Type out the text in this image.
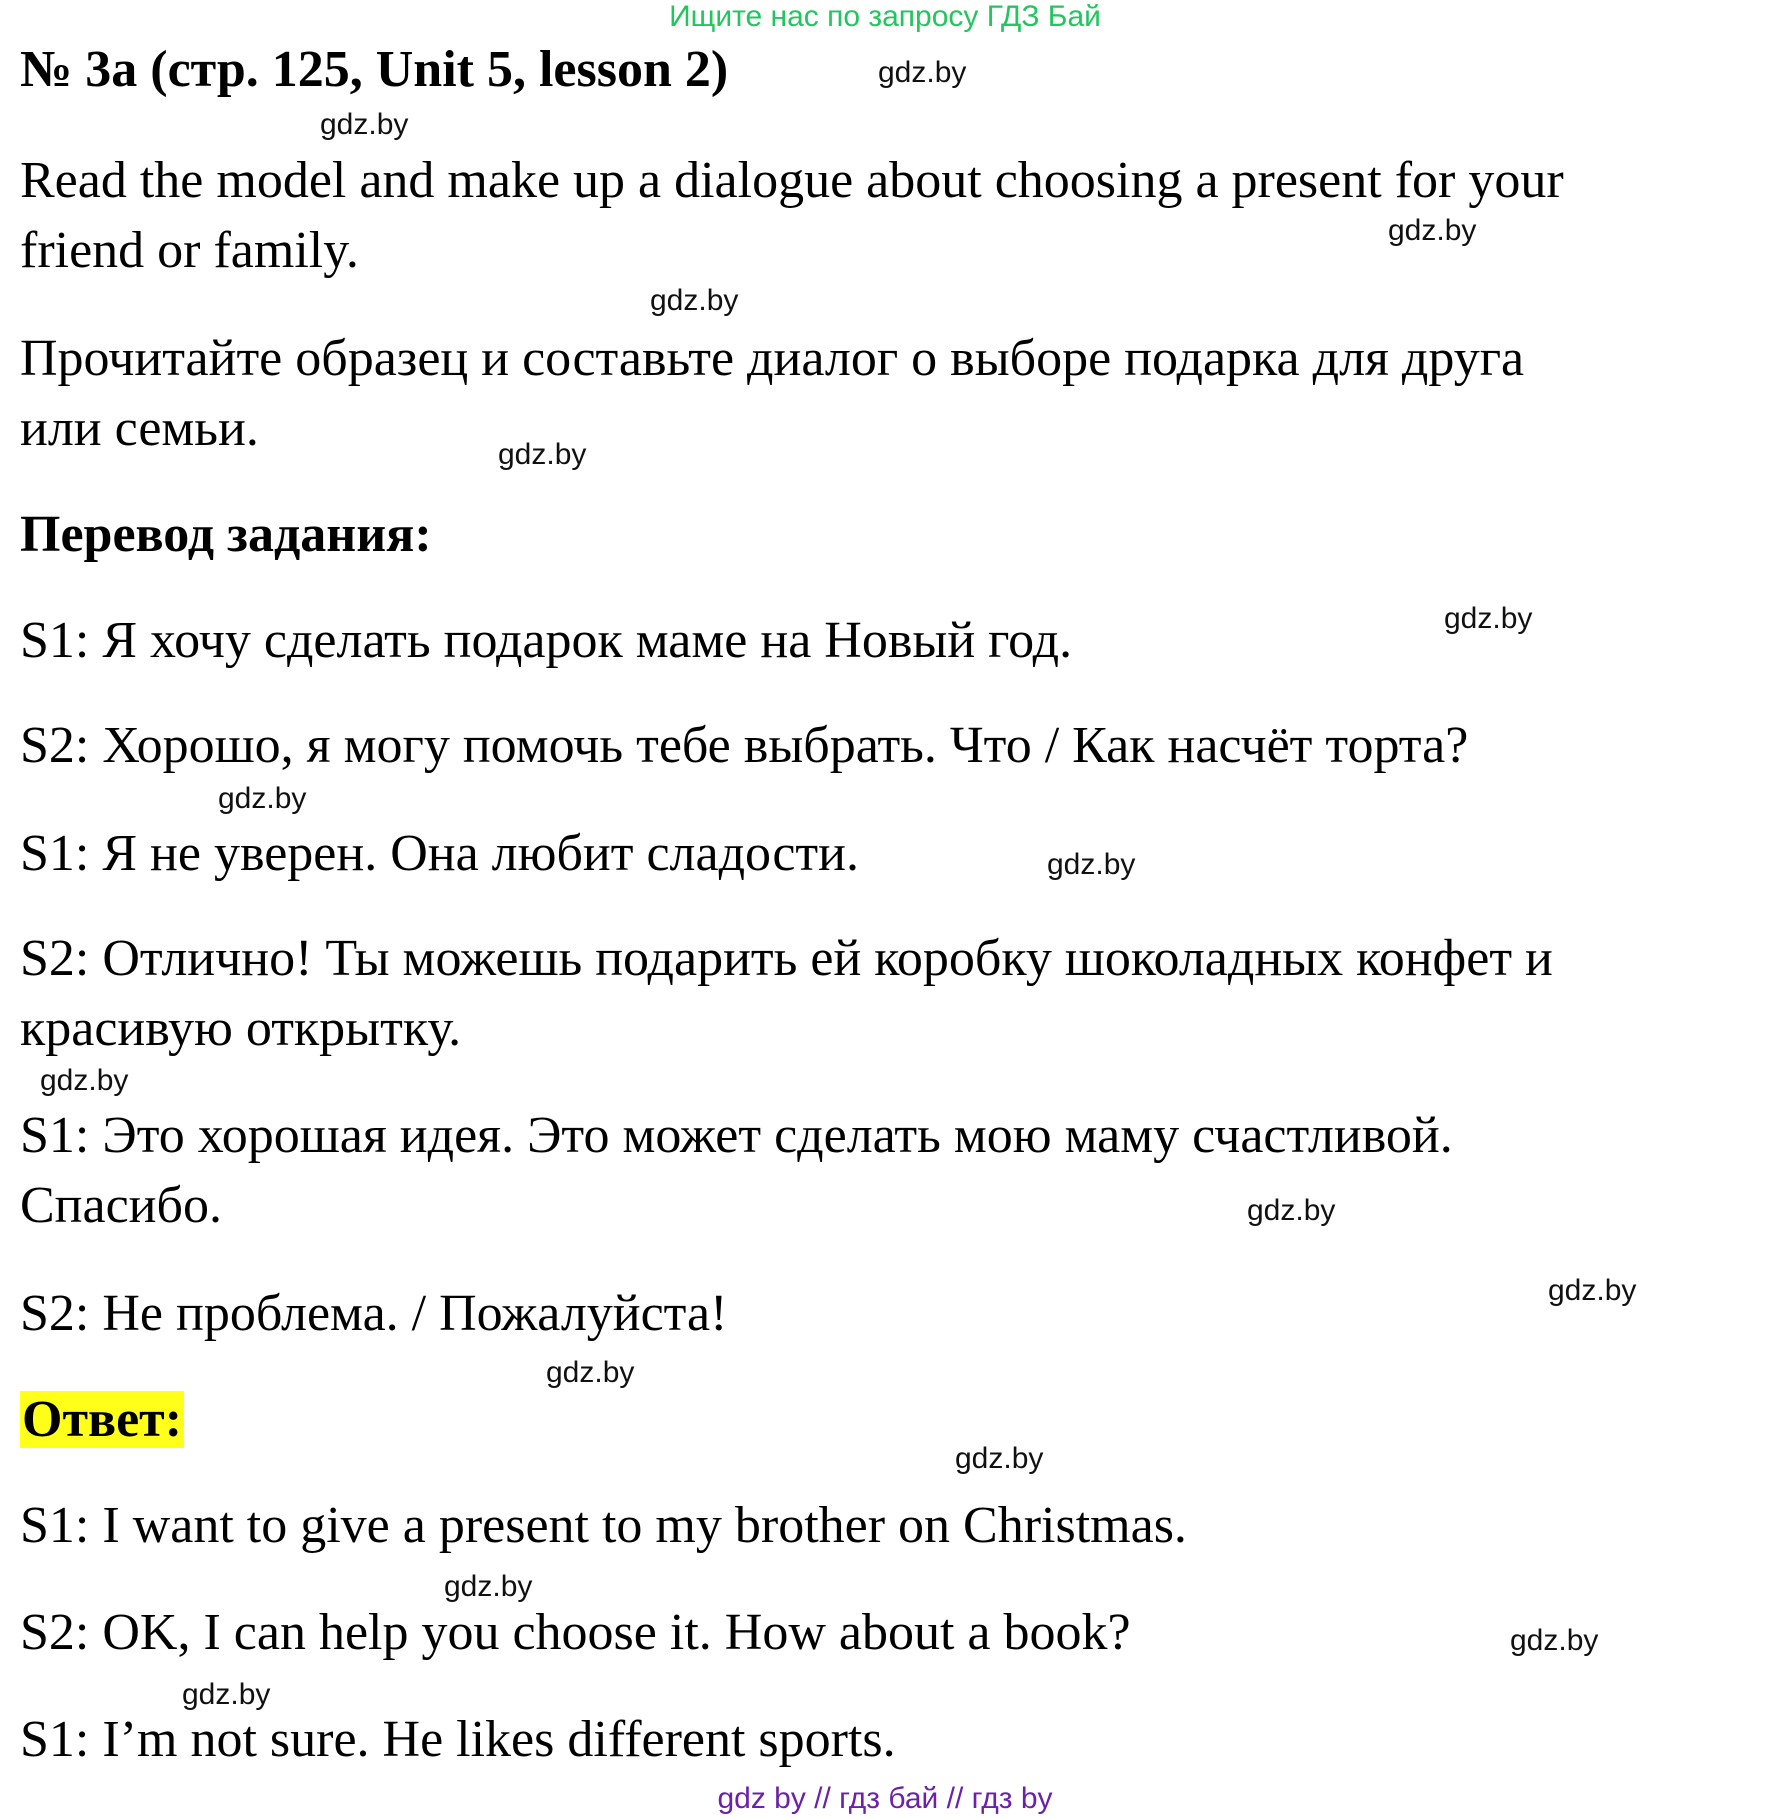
Ищите нас по запросу ГДЗ Бай
№ 3а (стр. 125, Unit 5, lesson 2)	gdz.by
gdz.by
Read the model and make up a dialogue about choosing a present for your
friend or family.	gdz.by
gdz.by
Прочитайте образец и составьте диалог о выборе подарка для друга
или семьи.	gdz.by
Перевод задания:
S1: Я хочу сделать подарок маме на Новый год.	gdz.by
S2: Хорошо, я могу помочь тебе выбрать. Что / Как насчёт торта?
gdz.by
S1: Я не уверен. Она любит сладости.	gdz.by
S2: Отлично! Ты можешь подарить ей коробку шоколадных конфет и
красивую открытку.
gdz.by
S1: Это хорошая идея. Это может сделать мою маму счастливой.
Спасибо.	gdz.by
gdz.by
S2: Не проблема. / Пожалуйста!
gdz.by
Ответ:
gdz.by
S1: I want to give a present to my brother on Christmas.
gdz.by
S2: OK, I can help you choose it. How about a book?	gdz.by
gdz.by
S1: I’m not sure. He likes different sports.
gdz by // гдз бай // гдз by
